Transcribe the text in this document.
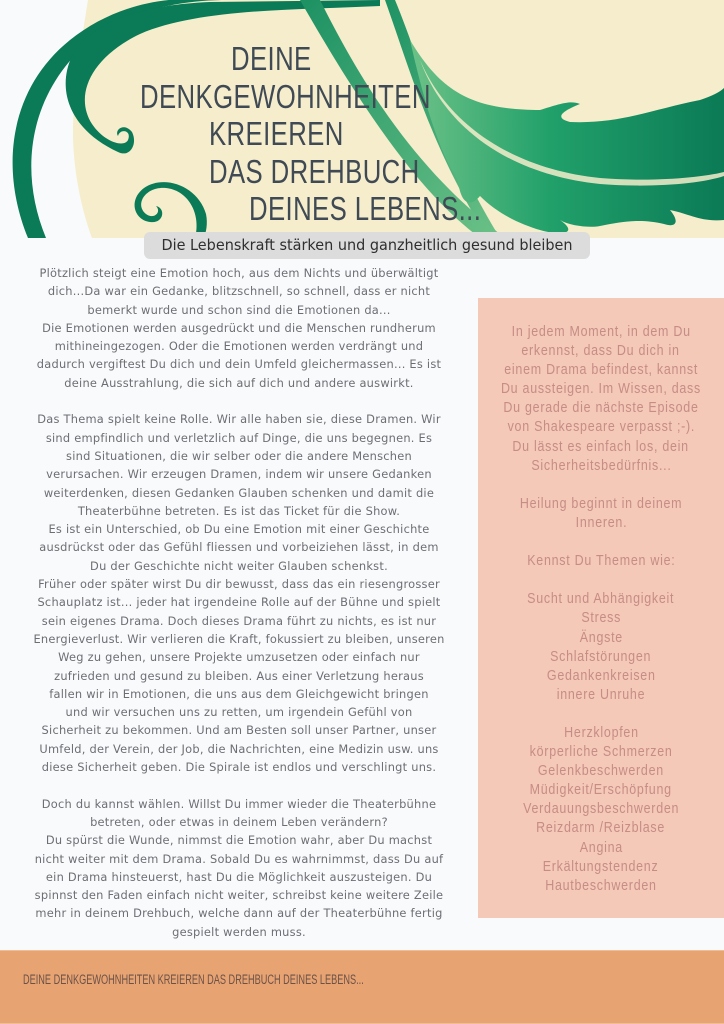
DEINE
DENKGEWOHNHEITEN
KREIEREN
DAS DREHBUCH
DEINES LEBENS...
Die Lebenskraft stärken und ganzheitlich gesund bleiben

Plötzlich steigt eine Emotion hoch, aus dem Nichts und überwältigt

dich...Da war ein Gedanke, blitzschnell, so schnell, dass er nicht

bemerkt wurde und schon sind die Emotionen da...

Die Emotionen werden ausgedrückt und die Menschen rundherum

mithineingezogen. Oder die Emotionen werden verdrängt und

dadurch vergiftest Du dich und dein Umfeld gleichermassen... Es ist

deine Ausstrahlung, die sich auf dich und andere auswirkt.

Das Thema spielt keine Rolle. Wir alle haben sie, diese Dramen. Wir

sind empfindlich und verletzlich auf Dinge, die uns begegnen. Es

sind Situationen, die wir selber oder die andere Menschen

verursachen. Wir erzeugen Dramen, indem wir unsere Gedanken

weiterdenken, diesen Gedanken Glauben schenken und damit die

Theaterbühne betreten. Es ist das Ticket für die Show.

Es ist ein Unterschied, ob Du eine Emotion mit einer Geschichte

ausdrückst oder das Gefühl fliessen und vorbeiziehen lässt, in dem

Du der Geschichte nicht weiter Glauben schenkst.

Früher oder später wirst Du dir bewusst, dass das ein riesengrosser

Schauplatz ist... jeder hat irgendeine Rolle auf der Bühne und spielt

sein eigenes Drama. Doch dieses Drama führt zu nichts, es ist nur

Energieverlust. Wir verlieren die Kraft, fokussiert zu bleiben, unseren

Weg zu gehen, unsere Projekte umzusetzen oder einfach nur

zufrieden und gesund zu bleiben. Aus einer Verletzung heraus

fallen wir in Emotionen, die uns aus dem Gleichgewicht bringen

und wir versuchen uns zu retten, um irgendein Gefühl von

Sicherheit zu bekommen. Und am Besten soll unser Partner, unser

Umfeld, der Verein, der Job, die Nachrichten, eine Medizin usw. uns

diese Sicherheit geben. Die Spirale ist endlos und verschlingt uns.

Doch du kannst wählen. Willst Du immer wieder die Theaterbühne

betreten, oder etwas in deinem Leben verändern?

Du spürst die Wunde, nimmst die Emotion wahr, aber Du machst

nicht weiter mit dem Drama. Sobald Du es wahrnimmst, dass Du auf

ein Drama hinsteuerst, hast Du die Möglichkeit auszusteigen. Du

spinnst den Faden einfach nicht weiter, schreibst keine weitere Zeile

mehr in deinem Drehbuch, welche dann auf der Theaterbühne fertig

gespielt werden muss.

In jedem Moment, in dem Du

erkennst, dass Du dich in

einem Drama befindest, kannst

Du aussteigen. Im Wissen, dass

Du gerade die nächste Episode

von Shakespeare verpasst ;-).

Du lässt es einfach los, dein

Sicherheitsbedürfnis...

Heilung beginnt in deinem

Inneren.

Kennst Du Themen wie:

Sucht und Abhängigkeit

Stress

Ängste

Schlafstörungen

Gedankenkreisen

innere Unruhe

Herzklopfen

körperliche Schmerzen

Gelenkbeschwerden

Müdigkeit/Erschöpfung

Verdauungsbeschwerden

Reizdarm /Reizblase

Angina

Erkältungstendenz

Hautbeschwerden

DEINE DENKGEWOHNHEITEN KREIEREN DAS DREHBUCH DEINES LEBENS...
